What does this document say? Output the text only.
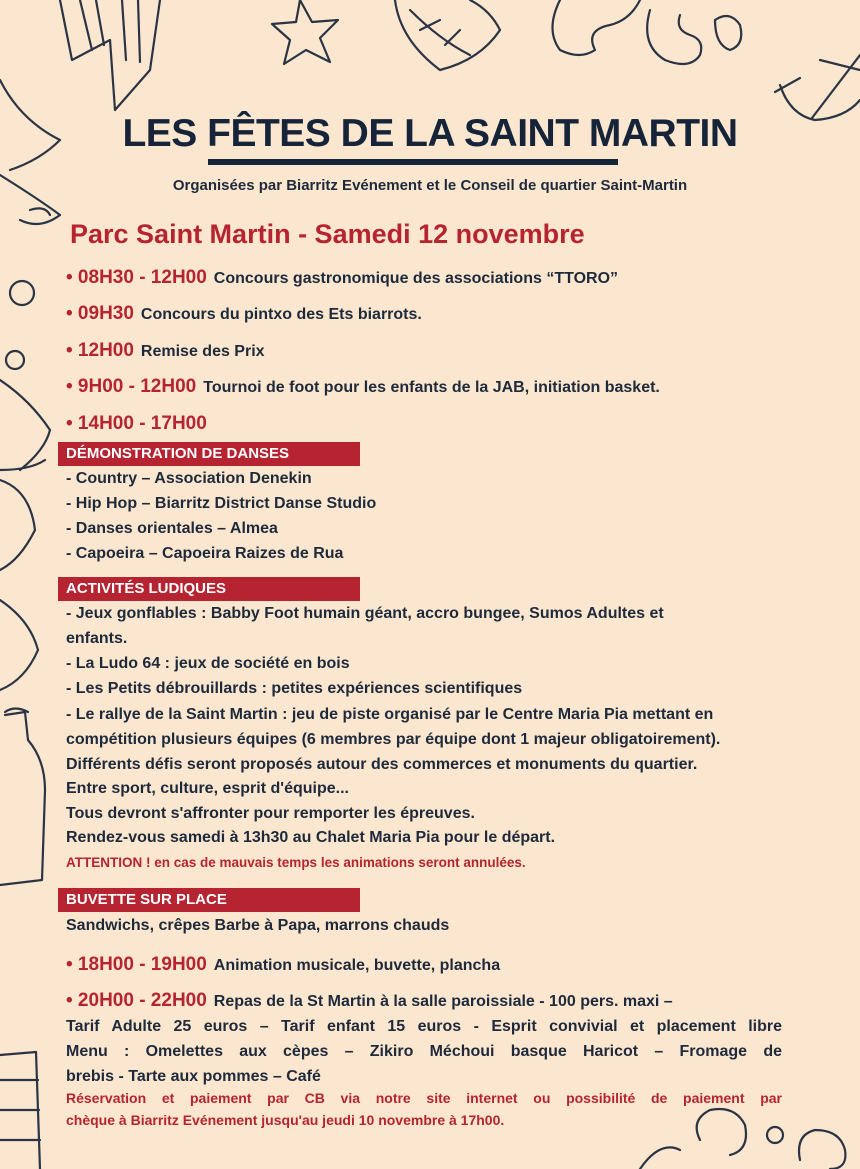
LES FÊTES DE LA SAINT MARTIN
Organisées par Biarritz Evénement et le Conseil de quartier Saint-Martin
Parc Saint Martin - Samedi 12 novembre
• 08H30 - 12H00 Concours gastronomique des associations “TTORO”
• 09H30 Concours du pintxo des Ets biarrots.
• 12H00 Remise des Prix
• 9H00 - 12H00 Tournoi de foot pour les enfants de la JAB, initiation basket.
• 14H00 - 17H00
DÉMONSTRATION DE DANSES
- Country – Association Denekin
- Hip Hop – Biarritz District Danse Studio
- Danses orientales – Almea
- Capoeira – Capoeira Raizes de Rua
ACTIVITÉS LUDIQUES
- Jeux gonflables : Babby Foot humain géant, accro bungee, Sumos Adultes et
enfants.
- La Ludo 64 : jeux de société en bois
- Les Petits débrouillards : petites expériences scientifiques
- Le rallye de la Saint Martin : jeu de piste organisé par le Centre Maria Pia mettant en
compétition plusieurs équipes (6 membres par équipe dont 1 majeur obligatoirement).
Différents défis seront proposés autour des commerces et monuments du quartier.
Entre sport, culture, esprit d'équipe...
Tous devront s'affronter pour remporter les épreuves.
Rendez-vous samedi à 13h30 au Chalet Maria Pia pour le départ.
ATTENTION ! en cas de mauvais temps les animations seront annulées.
BUVETTE SUR PLACE
Sandwichs, crêpes Barbe à Papa, marrons chauds
• 18H00 - 19H00 Animation musicale, buvette, plancha
• 20H00 - 22H00 Repas de la St Martin à la salle paroissiale - 100 pers. maxi –
Tarif Adulte 25 euros – Tarif enfant 15 euros - Esprit convivial et placement libre
Menu : Omelettes aux cèpes – Zikiro Méchoui basque Haricot – Fromage de
brebis - Tarte aux pommes – Café
Réservation et paiement par CB via notre site internet ou possibilité de paiement par
chèque à Biarritz Evénement jusqu'au jeudi 10 novembre à 17h00.
